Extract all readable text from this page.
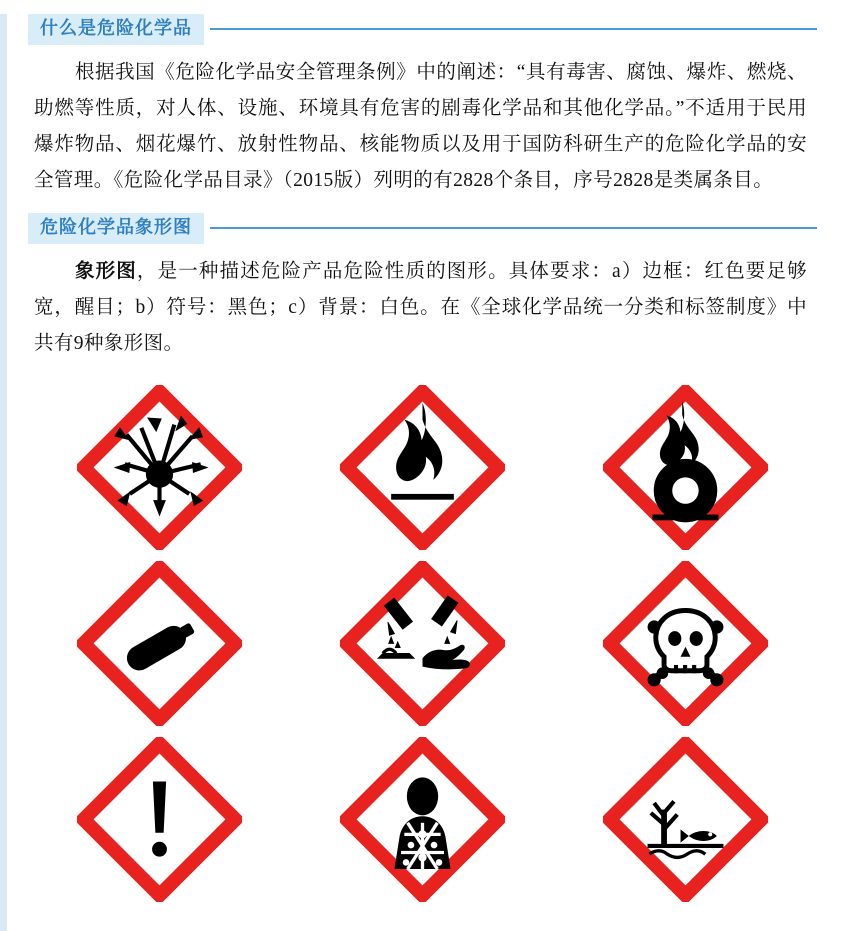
什么是危险化学品

根据我国《危险化学品安全管理条例》中的阐述：“具有毒害、腐蚀、爆炸、燃烧、助燃等性质，对人体、设施、环境具有危害的剧毒化学品和其他化学品。”不适用于民用爆炸物品、烟花爆竹、放射性物品、核能物质以及用于国防科研生产的危险化学品的安全管理。《危险化学品目录》（2015版）列明的有2828个条目，序号2828是类属条目。

危险化学品象形图

象形图，是一种描述危险产品危险性质的图形。具体要求：a）边框：红色要足够宽，醒目；b）符号：黑色；c）背景：白色。在《全球化学品统一分类和标签制度》中共有9种象形图。
